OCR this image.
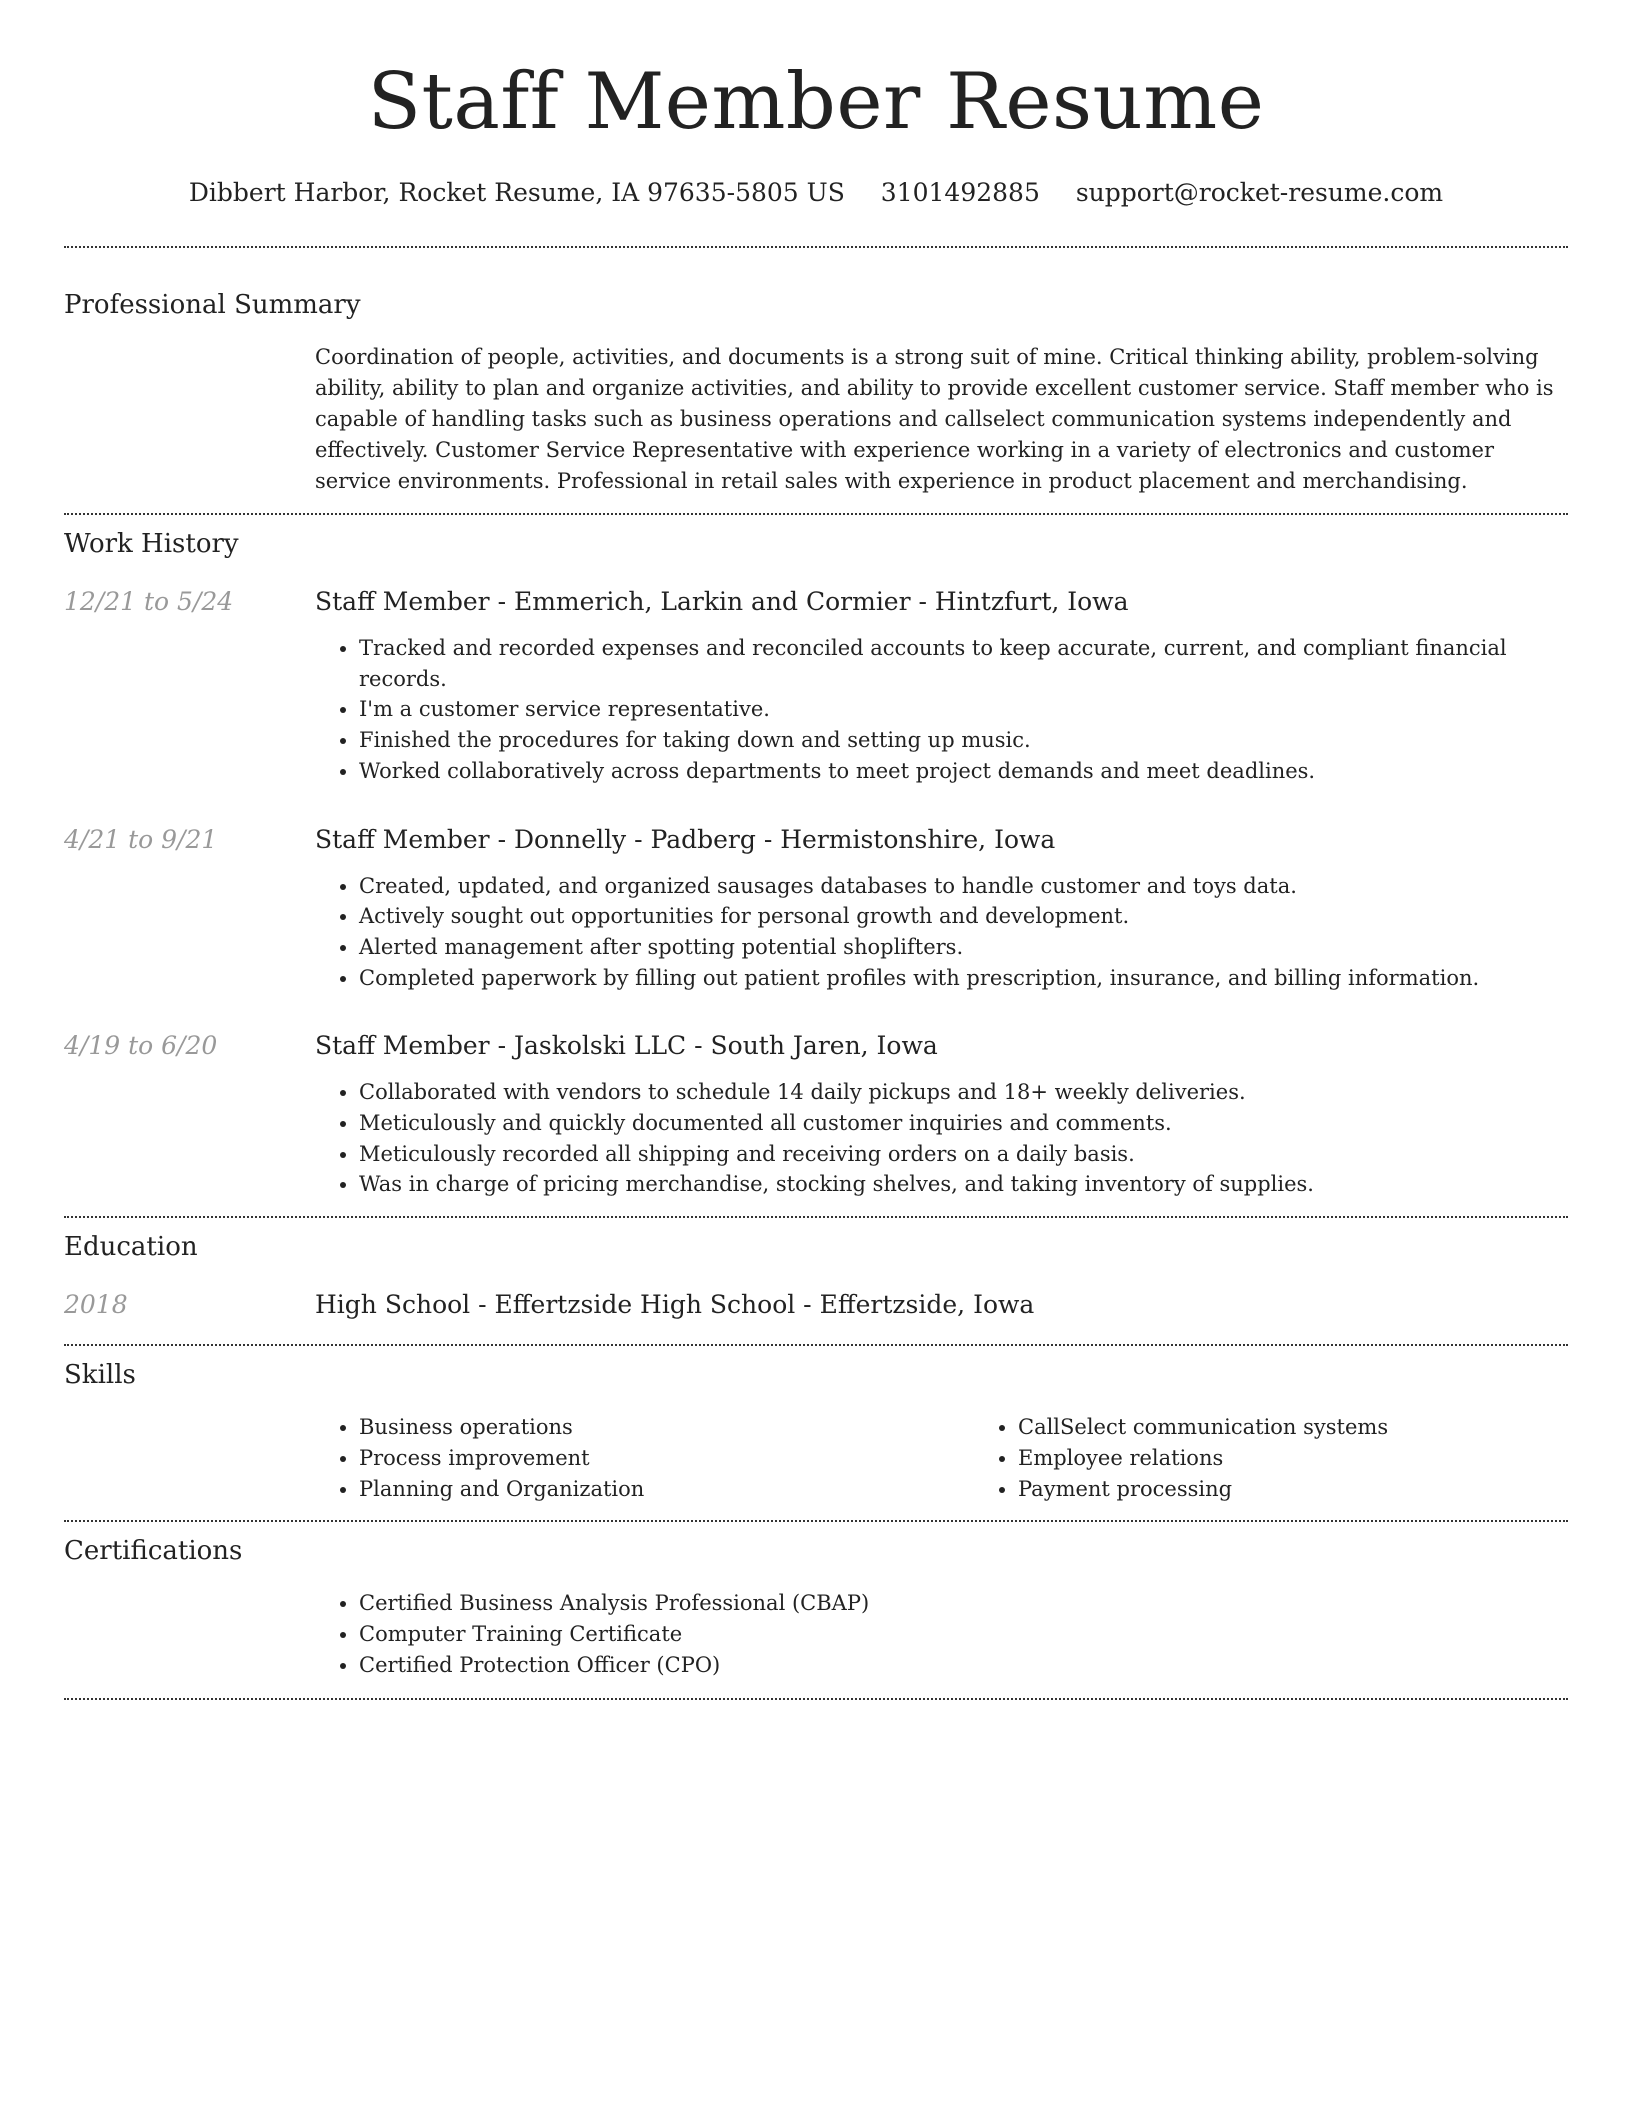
Staff Member Resume
Dibbert Harbor, Rocket Resume, IA 97635-5805 US 3101492885 support@rocket-resume.com
Professional Summary

Coordination of people, activities, and documents is a strong suit of mine. Critical thinking ability, problem-solving ability, ability to plan and organize activities, and ability to provide excellent customer service. Staff member who is capable of handling tasks such as business operations and callselect communication systems independently and effectively. Customer Service Representative with experience working in a variety of electronics and customer service environments. Professional in retail sales with experience in product placement and merchandising.

Work History
12/21 to 5/24	Staff Member - Emmerich, Larkin and Cormier - Hintzfurt, Iowa
• Tracked and recorded expenses and reconciled accounts to keep accurate, current, and compliant financial records.
• I'm a customer service representative.
• Finished the procedures for taking down and setting up music.
• Worked collaboratively across departments to meet project demands and meet deadlines.
4/21 to 9/21	Staff Member - Donnelly - Padberg - Hermistonshire, Iowa
• Created, updated, and organized sausages databases to handle customer and toys data.
• Actively sought out opportunities for personal growth and development.
• Alerted management after spotting potential shoplifters.
• Completed paperwork by filling out patient profiles with prescription, insurance, and billing information.
4/19 to 6/20	Staff Member - Jaskolski LLC - South Jaren, Iowa
• Collaborated with vendors to schedule 14 daily pickups and 18+ weekly deliveries.
• Meticulously and quickly documented all customer inquiries and comments.
• Meticulously recorded all shipping and receiving orders on a daily basis.
• Was in charge of pricing merchandise, stocking shelves, and taking inventory of supplies.
Education
2018	High School - Effertzside High School - Effertzside, Iowa
Skills
• Business operations
• Process improvement
• Planning and Organization
• CallSelect communication systems
• Employee relations
• Payment processing
Certifications
• Certified Business Analysis Professional (CBAP)
• Computer Training Certificate
• Certified Protection Officer (CPO)
